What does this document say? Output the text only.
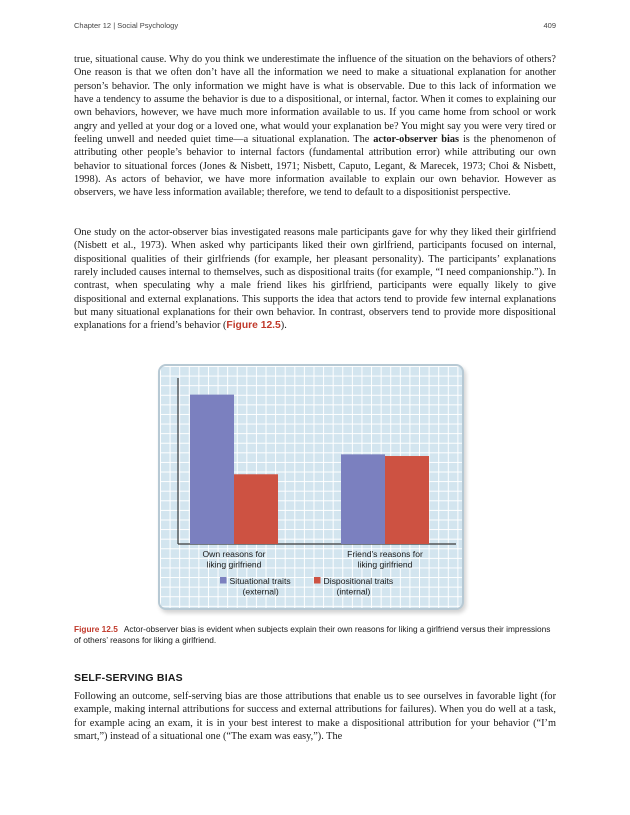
Chapter 12 | Social Psychology	409

true, situational cause. Why do you think we underestimate the influence of the situation on the behaviors of others? One reason is that we often don’t have all the information we need to make a situational explanation for another person’s behavior. The only information we might have is what is observable. Due to this lack of information we have a tendency to assume the behavior is due to a dispositional, or internal, factor. When it comes to explaining our own behaviors, however, we have much more information available to us. If you came home from school or work angry and yelled at your dog or a loved one, what would your explanation be? You might say you were very tired or feeling unwell and needed quiet time—a situational explanation. The actor-observer bias is the phenomenon of attributing other people’s behavior to internal factors (fundamental attribution error) while attributing our own behavior to situational forces (Jones & Nisbett, 1971; Nisbett, Caputo, Legant, & Marecek, 1973; Choi & Nisbett, 1998). As actors of behavior, we have more information available to explain our own behavior. However as observers, we have less information available; therefore, we tend to default to a dispositionist perspective.

One study on the actor-observer bias investigated reasons male participants gave for why they liked their girlfriend (Nisbett et al., 1973). When asked why participants liked their own girlfriend, participants focused on internal, dispositional qualities of their girlfriends (for example, her pleasant personality). The participants’ explanations rarely included causes internal to themselves, such as dispositional traits (for example, “I need companionship.”). In contrast, when speculating why a male friend likes his girlfriend, participants were equally likely to give dispositional and external explanations. This supports the idea that actors tend to provide few internal explanations but many situational explanations for their own behavior. In contrast, observers tend to provide more dispositional explanations for a friend’s behavior (Figure 12.5).

Own reasons for
liking girlfriend
Friend's reasons for
liking girlfriend
Situational traits
(external)
Dispositional traits
(internal)

Figure 12.5 Actor-observer bias is evident when subjects explain their own reasons for liking a girlfriend versus their impressions of others’ reasons for liking a girlfriend.

SELF-SERVING BIAS

Following an outcome, self-serving bias are those attributions that enable us to see ourselves in favorable light (for example, making internal attributions for success and external attributions for failures). When you do well at a task, for example acing an exam, it is in your best interest to make a dispositional attribution for your behavior (“I’m smart,”) instead of a situational one (“The exam was easy,”). The
